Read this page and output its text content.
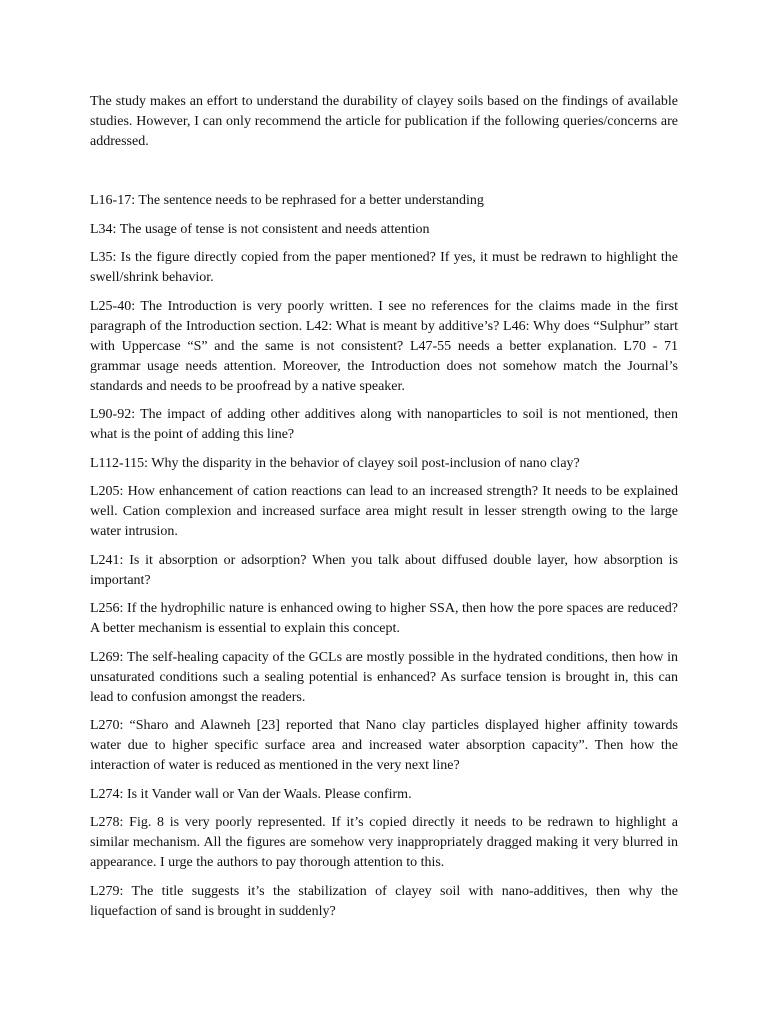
The study makes an effort to understand the durability of clayey soils based on the findings of available studies. However, I can only recommend the article for publication if the following queries/concerns are addressed.

L16-17: The sentence needs to be rephrased for a better understanding

L34: The usage of tense is not consistent and needs attention

L35: Is the figure directly copied from the paper mentioned? If yes, it must be redrawn to highlight the swell/shrink behavior.

L25-40: The Introduction is very poorly written. I see no references for the claims made in the first paragraph of the Introduction section. L42: What is meant by additive’s? L46: Why does “Sulphur” start with Uppercase “S” and the same is not consistent? L47-55 needs a better explanation. L70 - 71 grammar usage needs attention. Moreover, the Introduction does not somehow match the Journal’s standards and needs to be proofread by a native speaker.

L90-92: The impact of adding other additives along with nanoparticles to soil is not mentioned, then what is the point of adding this line?

L112-115: Why the disparity in the behavior of clayey soil post-inclusion of nano clay?

L205: How enhancement of cation reactions can lead to an increased strength? It needs to be explained well. Cation complexion and increased surface area might result in lesser strength owing to the large water intrusion.

L241: Is it absorption or adsorption? When you talk about diffused double layer, how absorption is important?

L256: If the hydrophilic nature is enhanced owing to higher SSA, then how the pore spaces are reduced? A better mechanism is essential to explain this concept.

L269: The self-healing capacity of the GCLs are mostly possible in the hydrated conditions, then how in unsaturated conditions such a sealing potential is enhanced? As surface tension is brought in, this can lead to confusion amongst the readers.

L270: “Sharo and Alawneh [23] reported that Nano clay particles displayed higher affinity towards water due to higher specific surface area and increased water absorption capacity”. Then how the interaction of water is reduced as mentioned in the very next line?

L274: Is it Vander wall or Van der Waals. Please confirm.

L278: Fig. 8 is very poorly represented. If it’s copied directly it needs to be redrawn to highlight a similar mechanism. All the figures are somehow very inappropriately dragged making it very blurred in appearance. I urge the authors to pay thorough attention to this.

L279: The title suggests it’s the stabilization of clayey soil with nano-additives, then why the liquefaction of sand is brought in suddenly?
